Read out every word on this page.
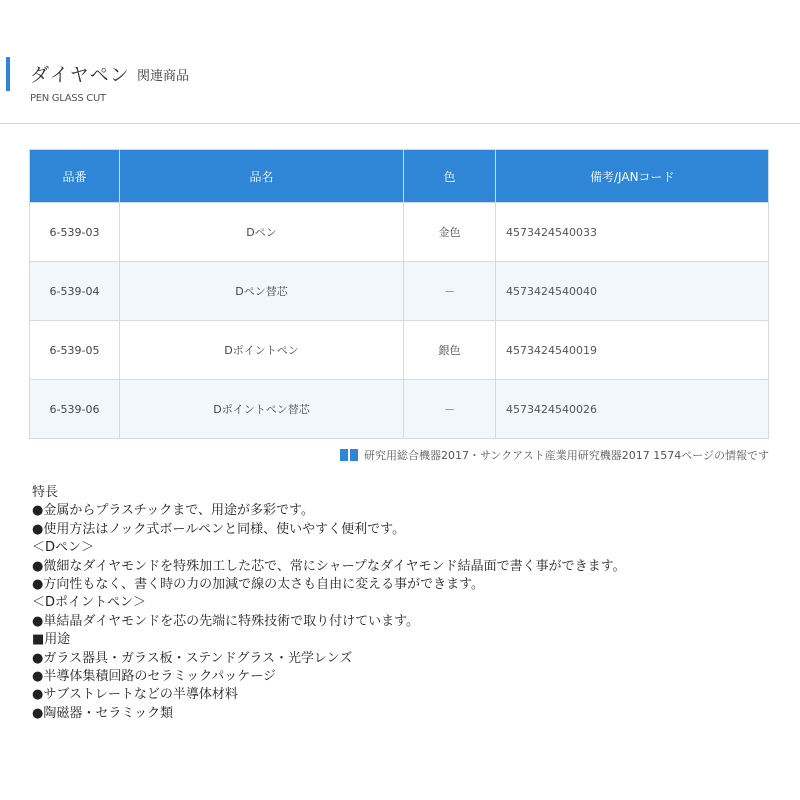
ダイヤペン 関連商品
PEN GLASS CUT
品番	品名	色	備考/JANコード
6-539-03	Dペン	金色	4573424540033
6-539-04	Dペン替芯	－	4573424540040
6-539-05	Dポイントペン	銀色	4573424540019
6-539-06	Dポイントペン替芯	－	4573424540026
研究用総合機器2017・サンクアスト産業用研究機器2017 1574ページの情報です
特長
●金属からプラスチックまで、用途が多彩です。
●使用方法はノック式ボールペンと同様、使いやすく便利です。
＜Dペン＞
●微細なダイヤモンドを特殊加工した芯で、常にシャープなダイヤモンド結晶面で書く事ができます。
●方向性もなく、書く時の力の加減で線の太さも自由に変える事ができます。
＜Dポイントペン＞
●単結晶ダイヤモンドを芯の先端に特殊技術で取り付けています。
■用途
●ガラス器具・ガラス板・ステンドグラス・光学レンズ
●半導体集積回路のセラミックパッケージ
●サブストレートなどの半導体材料
●陶磁器・セラミック類
